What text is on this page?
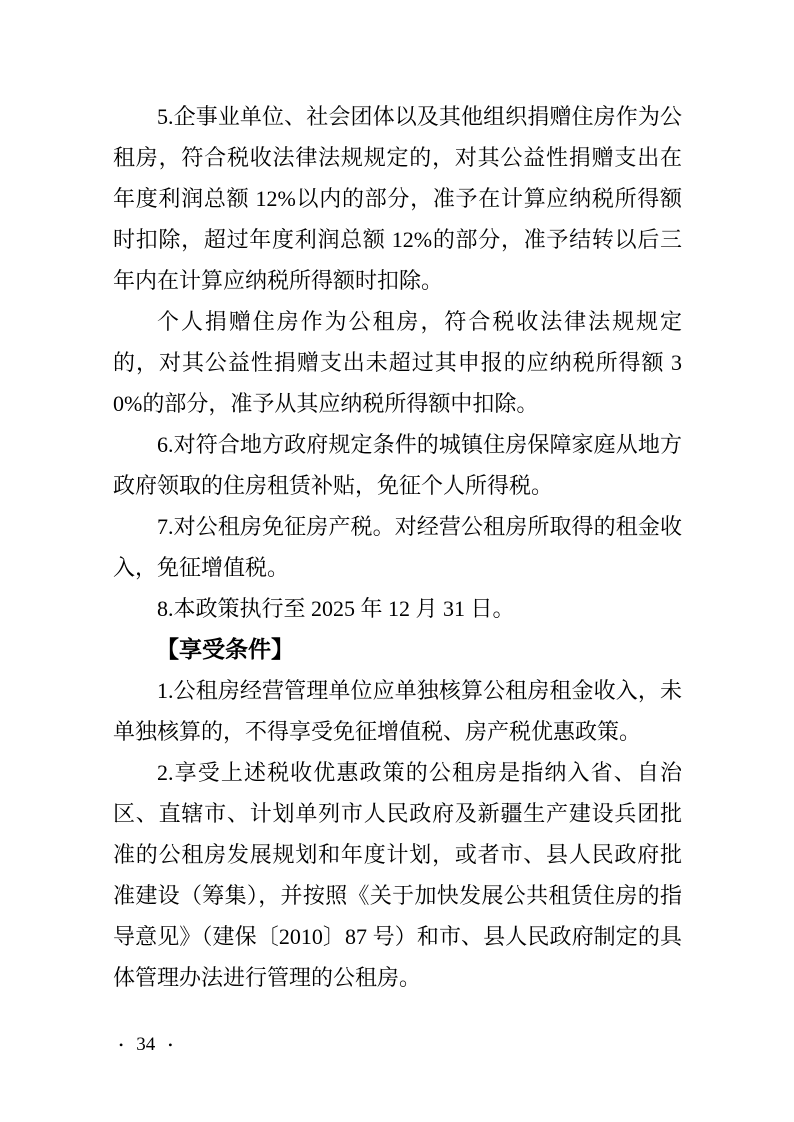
5.企事业单位、社会团体以及其他组织捐赠住房作为公租房，符合税收法律法规规定的，对其公益性捐赠支出在年度利润总额 12%以内的部分，准予在计算应纳税所得额时扣除，超过年度利润总额 12%的部分，准予结转以后三年内在计算应纳税所得额时扣除。

个人捐赠住房作为公租房，符合税收法律法规规定的，对其公益性捐赠支出未超过其申报的应纳税所得额 30%的部分，准予从其应纳税所得额中扣除。

6.对符合地方政府规定条件的城镇住房保障家庭从地方政府领取的住房租赁补贴，免征个人所得税。

7.对公租房免征房产税。对经营公租房所取得的租金收入，免征增值税。

8.本政策执行至 2025 年 12 月 31 日。

【享受条件】

1.公租房经营管理单位应单独核算公租房租金收入，未单独核算的，不得享受免征增值税、房产税优惠政策。

2.享受上述税收优惠政策的公租房是指纳入省、自治区、直辖市、计划单列市人民政府及新疆生产建设兵团批准的公租房发展规划和年度计划，或者市、县人民政府批准建设（筹集），并按照《关于加快发展公共租赁住房的指导意见》（建保〔2010〕87 号）和市、县人民政府制定的具体管理办法进行管理的公租房。

• 34 •
